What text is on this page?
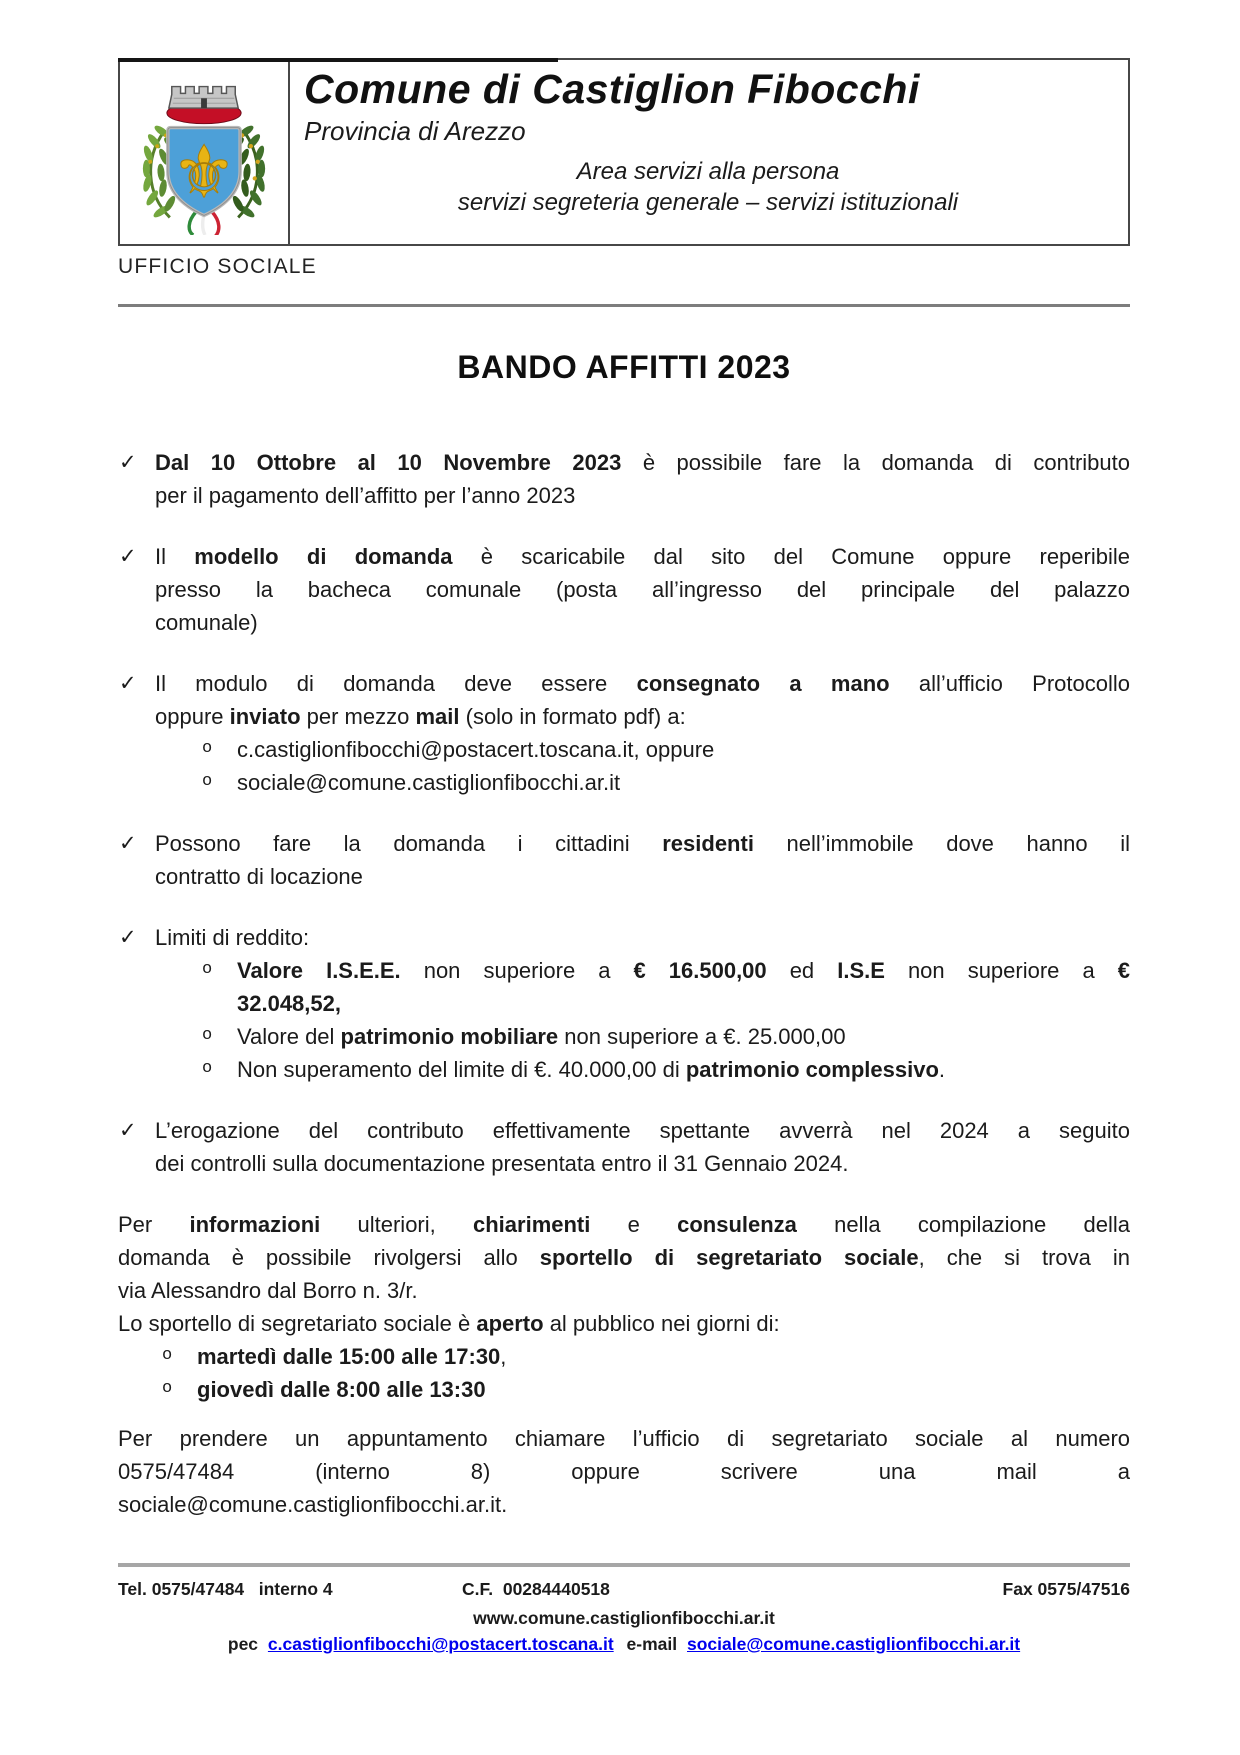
⚜
Comune di Castiglion Fibocchi
Provincia di Arezzo
Area servizi alla persona
servizi segreteria generale – servizi istituzionali
UFFICIO SOCIALE
BANDO AFFITTI 2023
✓ Dal 10 Ottobre al 10 Novembre 2023 è possibile fare la domanda di contributo
per il pagamento dell’affitto per l’anno 2023
✓ Il modello di domanda è scaricabile dal sito del Comune oppure reperibile
presso la bacheca comunale (posta all’ingresso del principale del palazzo
comunale)
✓ Il modulo di domanda deve essere consegnato a mano all’ufficio Protocollo
oppure inviato per mezzo mail (solo in formato pdf) a:
o c.castiglionfibocchi@postacert.toscana.it, oppure
o sociale@comune.castiglionfibocchi.ar.it
✓ Possono fare la domanda i cittadini residenti nell’immobile dove hanno il
contratto di locazione
✓ Limiti di reddito:
o Valore I.S.E.E. non superiore a € 16.500,00 ed I.S.E non superiore a €
32.048,52,
o Valore del patrimonio mobiliare non superiore a €. 25.000,00
o Non superamento del limite di €. 40.000,00 di patrimonio complessivo.
✓ L’erogazione del contributo effettivamente spettante avverrà nel 2024 a seguito
dei controlli sulla documentazione presentata entro il 31 Gennaio 2024.
Per informazioni ulteriori, chiarimenti e consulenza nella compilazione della
domanda è possibile rivolgersi allo sportello di segretariato sociale, che si trova in
via Alessandro dal Borro n. 3/r.
Lo sportello di segretariato sociale è aperto al pubblico nei giorni di:
o martedì dalle 15:00 alle 17:30,
o giovedì dalle 8:00 alle 13:30
Per prendere un appuntamento chiamare l’ufficio di segretariato sociale al numero
0575/47484 (interno 8) oppure scrivere una mail a
sociale@comune.castiglionfibocchi.ar.it.
Tel. 0575/47484   interno 4	C.F.  00284440518	Fax 0575/47516
www.comune.castiglionfibocchi.ar.it
pec c.castiglionfibocchi@postacert.toscana.it e-mail sociale@comune.castiglionfibocchi.ar.it
